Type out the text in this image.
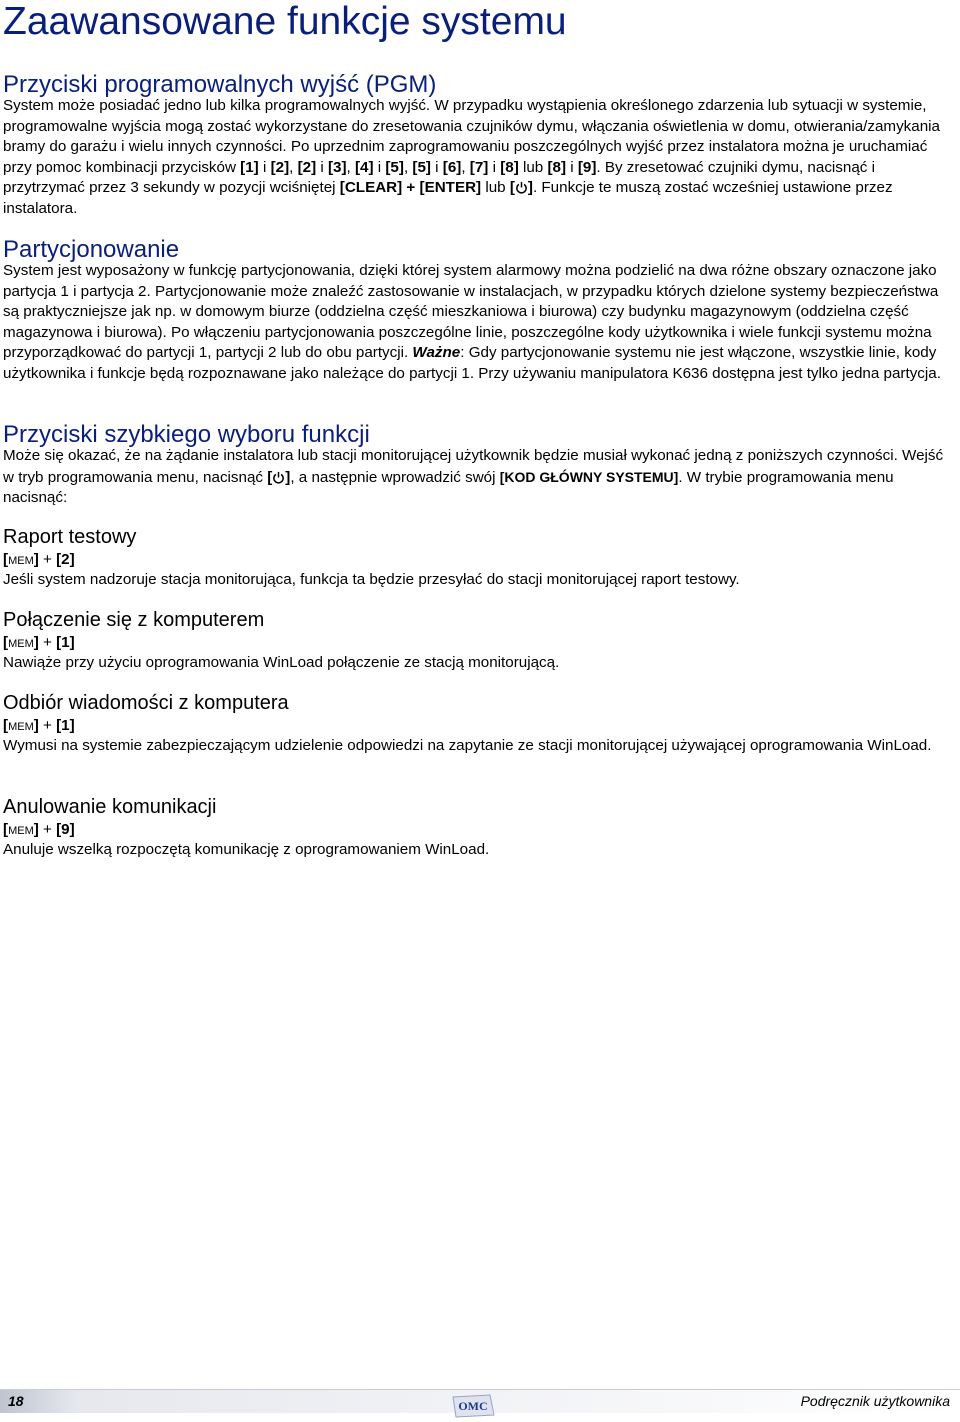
Zaawansowane funkcje systemu
Przyciski programowalnych wyjść (PGM)

System może posiadać jedno lub kilka programowalnych wyjść. W przypadku wystąpienia określonego zdarzenia lub sytuacji w systemie, programowalne wyjścia mogą zostać wykorzystane do zresetowania czujników dymu, włączania oświetlenia w domu, otwierania/zamykania bramy do garażu i wielu innych czynności. Po uprzednim zaprogramowaniu poszczególnych wyjść przez instalatora można je uruchamiać przy pomoc kombinacji przycisków [1] i [2], [2] i [3], [4] i [5], [5] i [6], [7] i [8] lub [8] i [9]. By zresetować czujniki dymu, nacisnąć i przytrzymać przez 3 sekundy w pozycji wciśniętej [CLEAR] + [ENTER] lub [ ]. Funkcje te muszą zostać wcześniej ustawione przez instalatora.

Partycjonowanie

System jest wyposażony w funkcję partycjonowania, dzięki której system alarmowy można podzielić na dwa różne obszary oznaczone jako partycja 1 i partycja 2. Partycjonowanie może znaleźć zastosowanie w instalacjach, w przypadku których dzielone systemy bezpieczeństwa są praktyczniejsze jak np. w domowym biurze (oddzielna część mieszkaniowa i biurowa) czy budynku magazynowym (oddzielna część magazynowa i biurowa). Po włączeniu partycjonowania poszczególne linie, poszczególne kody użytkownika i wiele funkcji systemu można przyporządkować do partycji 1, partycji 2 lub do obu partycji. Ważne: Gdy partycjonowanie systemu nie jest włączone, wszystkie linie, kody użytkownika i funkcje będą rozpoznawane jako należące do partycji 1. Przy używaniu manipulatora K636 dostępna jest tylko jedna partycja.

Przyciski szybkiego wyboru funkcji

Może się okazać, że na żądanie instalatora lub stacji monitorującej użytkownik będzie musiał wykonać jedną z poniższych czynności. Wejść w tryb programowania menu, nacisnąć [ ], a następnie wprowadzić swój [KOD GŁÓWNY SYSTEMU]. W trybie programowania menu nacisnąć:

Raport testowy

[MEM] + [2]

Jeśli system nadzoruje stacja monitorująca, funkcja ta będzie przesyłać do stacji monitorującej raport testowy.

Połączenie się z komputerem

[MEM] + [1]

Nawiąże przy użyciu oprogramowania WinLoad połączenie ze stacją monitorującą.

Odbiór wiadomości z komputera

[MEM] + [1]

Wymusi na systemie zabezpieczającym udzielenie odpowiedzi na zapytanie ze stacji monitorującej używającej oprogramowania WinLoad.

Anulowanie komunikacji

[MEM] + [9]

Anuluje wszelką rozpoczętą komunikację z oprogramowaniem WinLoad.

18	OMC	Podręcznik użytkownika
